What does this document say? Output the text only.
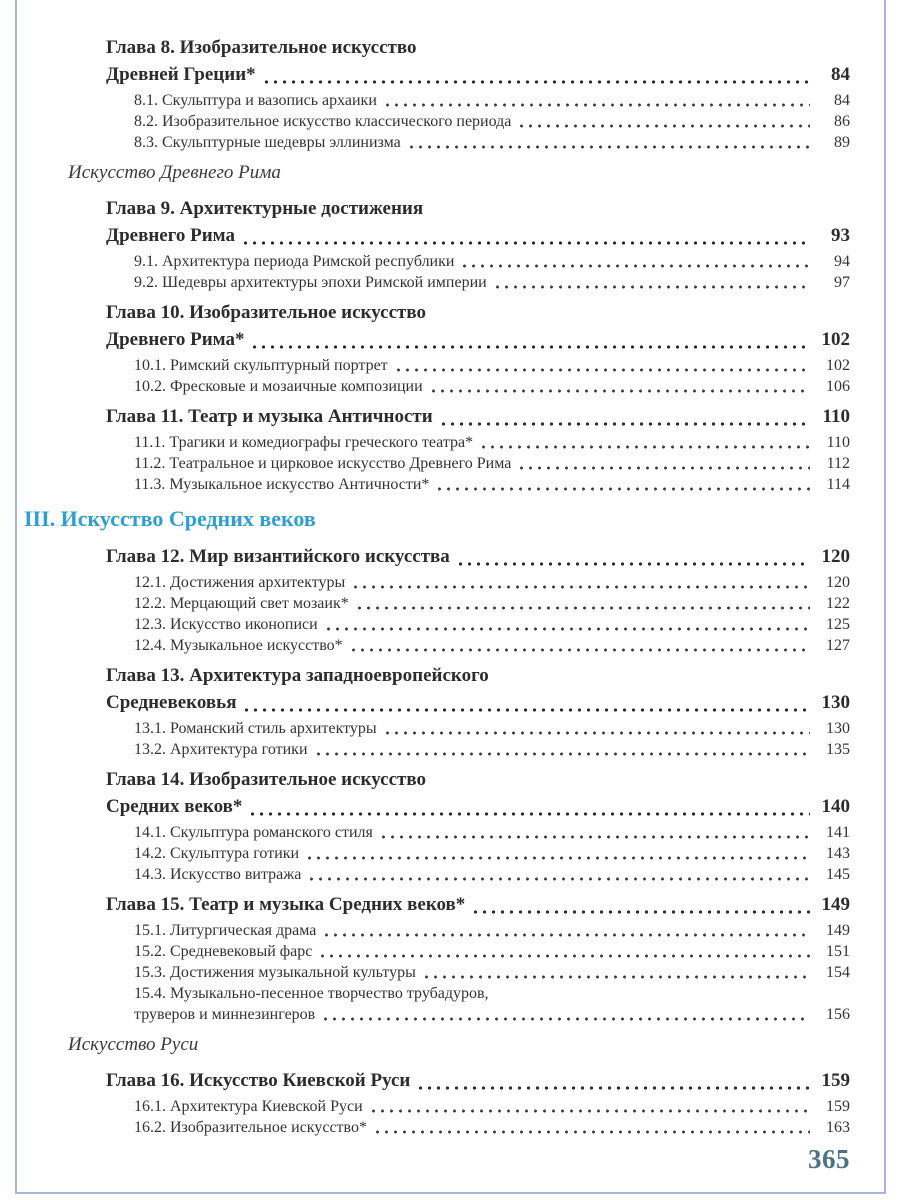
Глава 8. Изобразительное искусство
Древней Греции*	84
8.1. Скульптура и вазопись архаики	84
8.2. Изобразительное искусство классического периода	86
8.3. Скульптурные шедевры эллинизма	89
Искусство Древнего Рима
Глава 9. Архитектурные достижения
Древнего Рима	93
9.1. Архитектура периода Римской республики	94
9.2. Шедевры архитектуры эпохи Римской империи	97
Глава 10. Изобразительное искусство
Древнего Рима*	102
10.1. Римский скульптурный портрет	102
10.2. Фресковые и мозаичные композиции	106
Глава 11. Театр и музыка Античности	110
11.1. Трагики и комедиографы греческого театра*	110
11.2. Театральное и цирковое искусство Древнего Рима	112
11.3. Музыкальное искусство Античности*	114
III. Искусство Средних веков
Глава 12. Мир византийского искусства	120
12.1. Достижения архитектуры	120
12.2. Мерцающий свет мозаик*	122
12.3. Искусство иконописи	125
12.4. Музыкальное искусство*	127
Глава 13. Архитектура западноевропейского
Средневековья	130
13.1. Романский стиль архитектуры	130
13.2. Архитектура готики	135
Глава 14. Изобразительное искусство
Средних веков*	140
14.1. Скульптура романского стиля	141
14.2. Скульптура готики	143
14.3. Искусство витража	145
Глава 15. Театр и музыка Средних веков*	149
15.1. Литургическая драма	149
15.2. Средневековый фарс	151
15.3. Достижения музыкальной культуры	154
15.4. Музыкально-песенное творчество трубадуров,
труверов и миннезингеров	156
Искусство Руси
Глава 16. Искусство Киевской Руси	159
16.1. Архитектура Киевской Руси	159
16.2. Изобразительное искусство*	163
365
